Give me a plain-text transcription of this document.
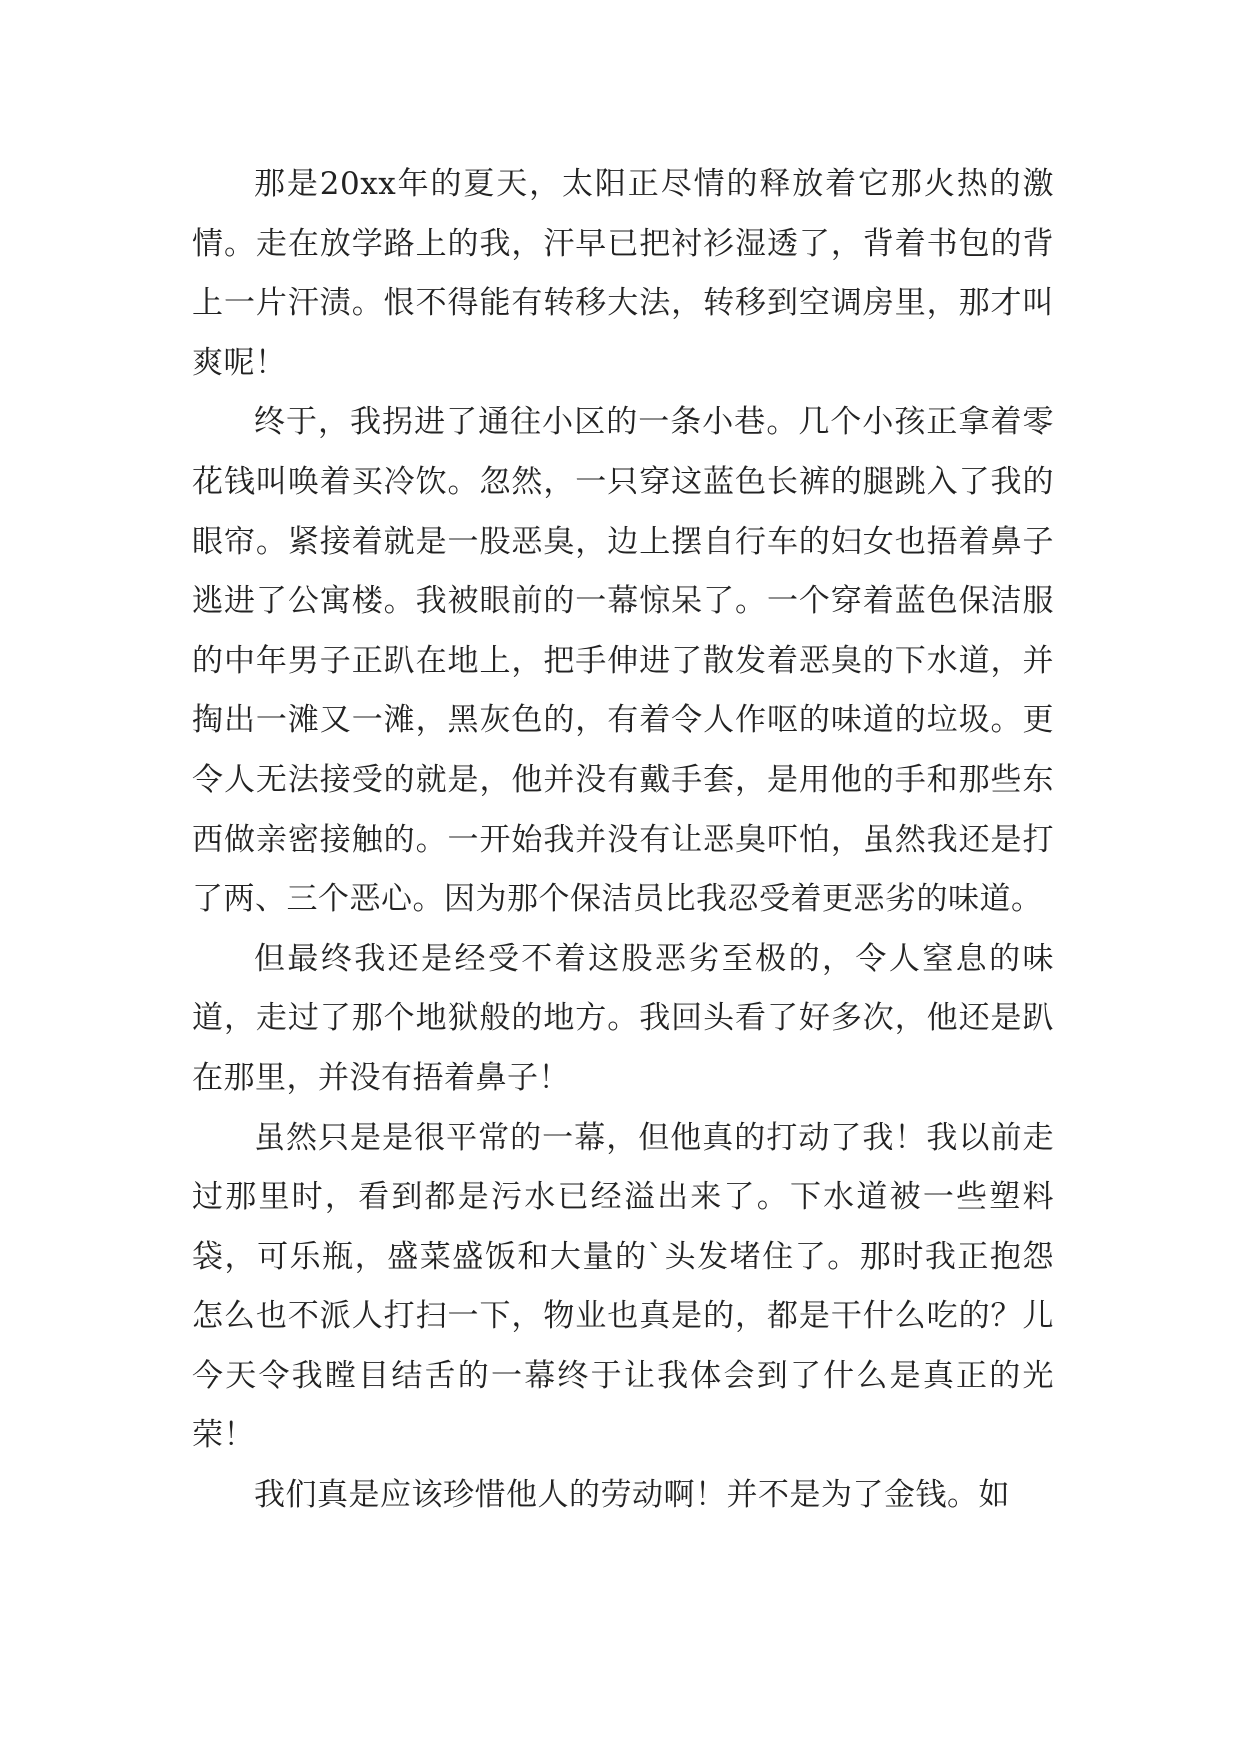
那是20xx年的夏天，太阳正尽情的释放着它那火热的激情。走在放学路上的我，汗早已把衬衫湿透了，背着书包的背上一片汗渍。恨不得能有转移大法，转移到空调房里，那才叫爽呢！

终于，我拐进了通往小区的一条小巷。几个小孩正拿着零花钱叫唤着买冷饮。忽然，一只穿这蓝色长裤的腿跳入了我的眼帘。紧接着就是一股恶臭，边上摆自行车的妇女也捂着鼻子逃进了公寓楼。我被眼前的一幕惊呆了。一个穿着蓝色保洁服的中年男子正趴在地上，把手伸进了散发着恶臭的下水道，并掏出一滩又一滩，黑灰色的，有着令人作呕的味道的垃圾。更令人无法接受的就是，他并没有戴手套，是用他的手和那些东西做亲密接触的。一开始我并没有让恶臭吓怕，虽然我还是打了两、三个恶心。因为那个保洁员比我忍受着更恶劣的味道。

但最终我还是经受不着这股恶劣至极的，令人窒息的味道，走过了那个地狱般的地方。我回头看了好多次，他还是趴在那里，并没有捂着鼻子！

虽然只是是很平常的一幕，但他真的打动了我！我以前走过那里时，看到都是污水已经溢出来了。下水道被一些塑料袋，可乐瓶，盛菜盛饭和大量的`头发堵住了。那时我正抱怨怎么也不派人打扫一下，物业也真是的，都是干什么吃的？儿今天令我瞠目结舌的一幕终于让我体会到了什么是真正的光荣！

我们真是应该珍惜他人的劳动啊！并不是为了金钱。如
